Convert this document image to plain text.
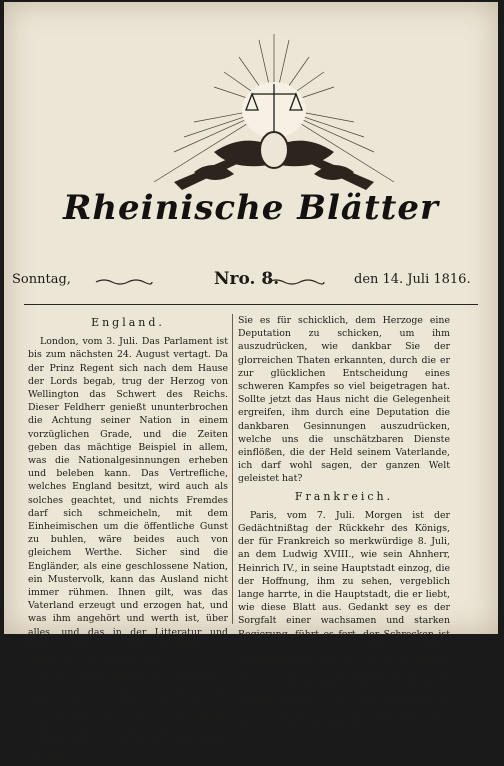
Rheinische Blätter
Sonntag,	Nro. 8.	den 14. Juli 1816.
England.

London, vom 3. Juli. Das Parlament ist bis zum nächsten 24. August vertagt. Da der Prinz Regent sich nach dem Hause der Lords begab, trug der Herzog von Wellington das Schwert des Reichs. Dieser Feldherr genießt ununterbrochen die Achtung seiner Nation in einem vorzüglichen Grade, und die Zeiten geben das mächtige Beispiel in allem, was die Nationalgesinnungen erheben und beleben kann. Das Vertrefliche, welches England besitzt, wird auch als solches geachtet, und nichts Fremdes darf sich schmeicheln, mit dem Einheimischen um die öffentliche Gunst zu buhlen, wäre beides auch von gleichem Werthe. Sicher sind die Engländer, als eine geschlossene Nation, ein Mustervolk, kann das Ausland nicht immer rühmen. Ihnen gilt, was das Vaterland erzeugt und erzogen hat, und was ihm angehört und werth ist, über alles, und das in der Litteratur und Kunst, wie in allen Zweigen des öffentlichen und Privatlebens.

In der letzten Sitzung des Parlaments, am uten, erhob sich Lord Castlereagh im Hause der Gemeinen, um auf die Zurückkunft des Lords Wellington aufmerksam zu machen. Am Ende des vorigen Krieges, sagte der edle Lord, theilten

Sie es für schicklich, dem Herzoge eine Deputation zu schicken, um ihm auszudrücken, wie dankbar Sie der glorreichen Thaten erkannten, durch die er zur glücklichen Entscheidung eines schweren Kampfes so viel beigetragen hat. Sollte jetzt das Haus nicht die Gelegenheit ergreifen, ihm durch eine Deputation die dankbaren Gesinnungen auszudrücken, welche uns die unschätzbaren Dienste einflößen, die der Held seinem Vaterlande, ich darf wohl sagen, der ganzen Welt geleistet hat?

Frankreich.

Paris, vom 7. Juli. Morgen ist der Gedächtnißtag der Rückkehr des Königs, der für Frankreich so merkwürdige 8. Juli, an dem Ludwig XVIII., wie sein Ahnherr, Heinrich IV., in seine Hauptstadt einzog, die der Hoffnung, ihm zu sehen, vergeblich lange harrte, in die Hauptstadt, die er liebt, wie diese Blatt aus. Gedankt sey es der Sorgfalt einer wachsamen und starken Regierung, führt es fort, der Schrecken ist nun in die strafbaren Gemüther zurückgekehrt, und der friedliche Bürger kann sich mit voller Sicherheit dem Ergusse seiner Gefühle überlassen. Die Rückkehr Ludwigs XVIII. ist ein wahres Familienfest. Mit ihm kehrten der Friede und alle Güter, die ihn begleiten, in diese
